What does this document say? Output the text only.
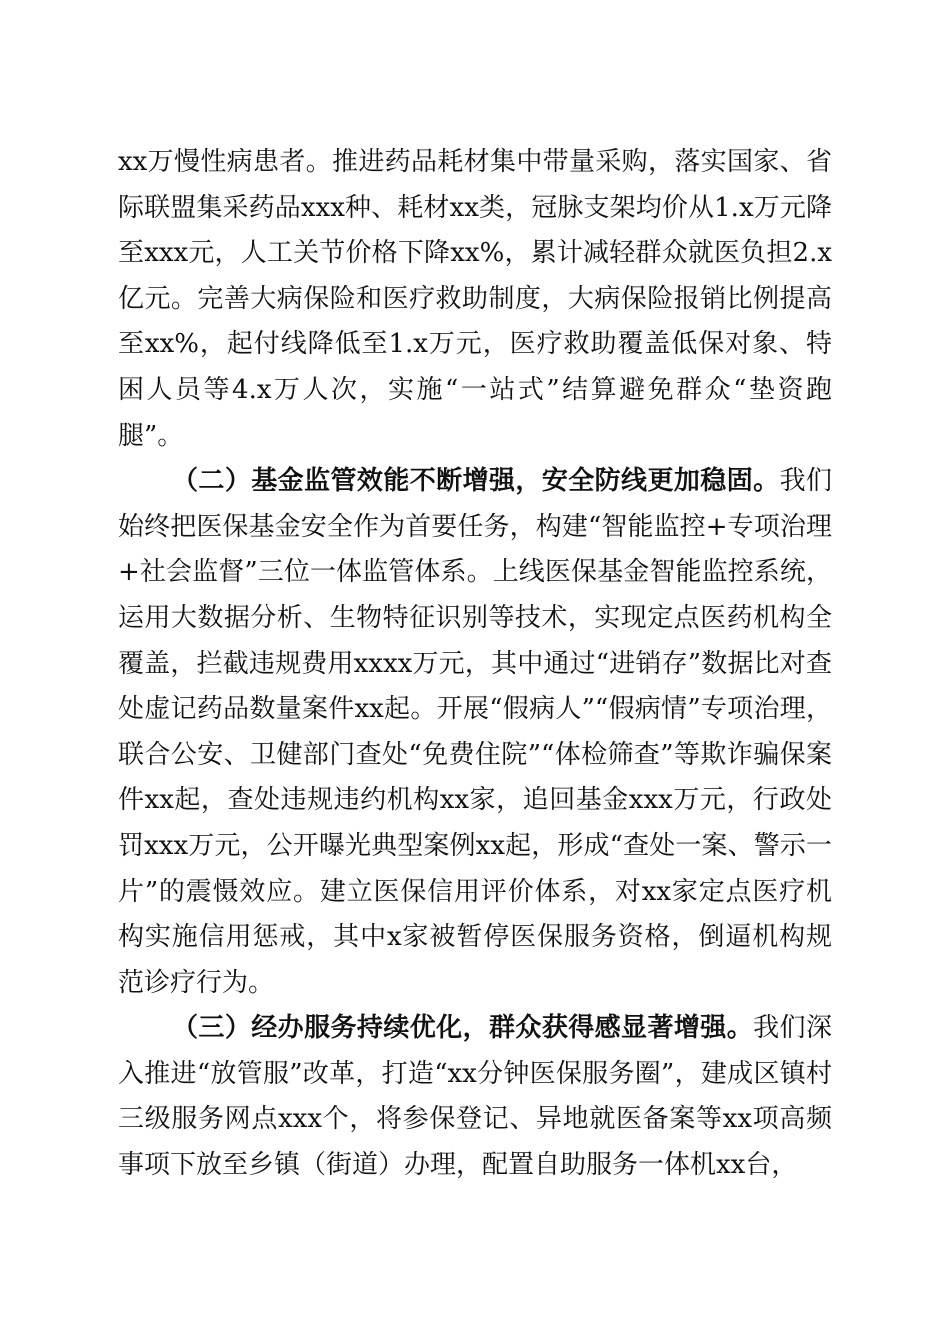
xx万慢性病患者。推进药品耗材集中带量采购，落实国家、省际联盟集采药品xxx种、耗材xx类，冠脉支架均价从1.x万元降至xxx元，人工关节价格下降xx%，累计减轻群众就医负担2.x亿元。完善大病保险和医疗救助制度，大病保险报销比例提高至xx%，起付线降低至1.x万元，医疗救助覆盖低保对象、特困人员等4.x万人次，实施“一站式”结算避免群众“垫资跑腿”。

（二）基金监管效能不断增强，安全防线更加稳固。我们始终把医保基金安全作为首要任务，构建“智能监控+专项治理+社会监督”三位一体监管体系。上线医保基金智能监控系统，运用大数据分析、生物特征识别等技术，实现定点医药机构全覆盖，拦截违规费用xxxx万元，其中通过“进销存”数据比对查处虚记药品数量案件xx起。开展“假病人”“假病情”专项治理，联合公安、卫健部门查处“免费住院”“体检筛查”等欺诈骗保案件xx起，查处违规违约机构xx家，追回基金xxx万元，行政处罚xxx万元，公开曝光典型案例xx起，形成“查处一案、警示一片”的震慑效应。建立医保信用评价体系，对xx家定点医疗机构实施信用惩戒，其中x家被暂停医保服务资格，倒逼机构规范诊疗行为。

（三）经办服务持续优化，群众获得感显著增强。我们深入推进“放管服”改革，打造“xx分钟医保服务圈”，建成区镇村三级服务网点xxx个，将参保登记、异地就医备案等xx项高频事项下放至乡镇（街道）办理，配置自助服务一体机xx台，
